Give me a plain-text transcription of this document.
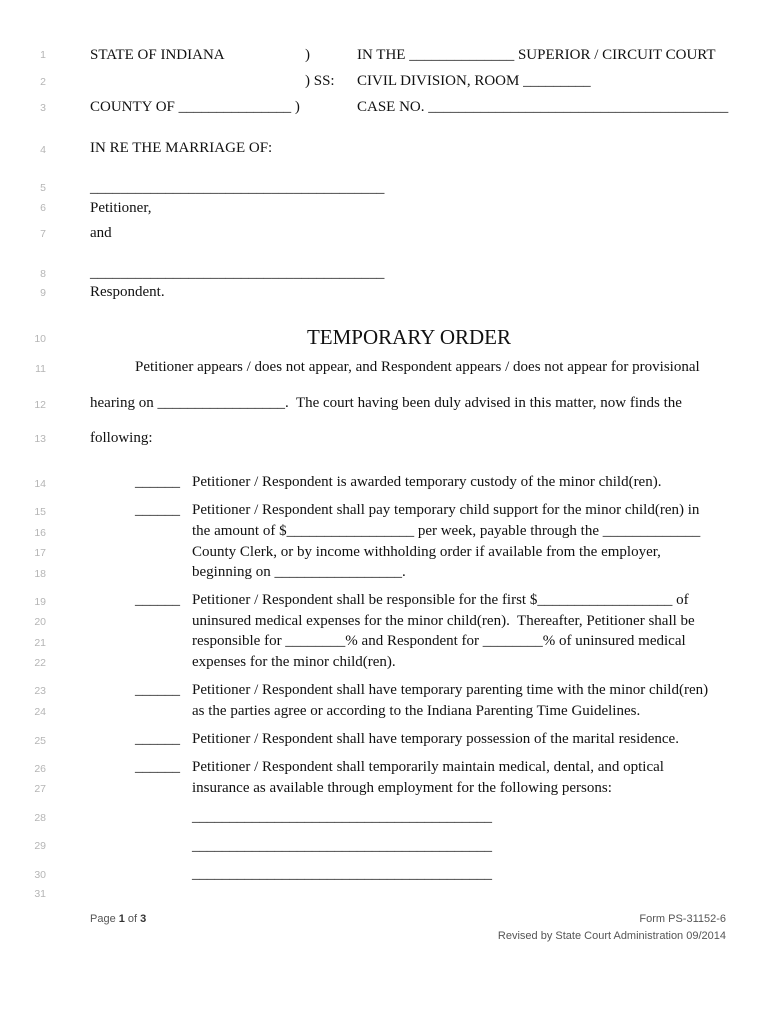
1
2
3
4
5
6
7
8
9
10
11
12
13
14
15
16
17
18
19
20
21
22
23
24
25
26
27
28
29
30
31
STATE OF INDIANA	)
) SS:
COUNTY OF _______________ )
IN THE ______________ SUPERIOR / CIRCUIT COURT
CIVIL DIVISION, ROOM _________
CASE NO. ________________________________________
IN RE THE MARRIAGE OF:
_______________________________________
Petitioner,
and
_______________________________________
Respondent.
TEMPORARY ORDER
Petitioner appears / does not appear, and Respondent appears / does not appear for provisional
hearing on _________________.  The court having been duly advised in this matter, now finds the
following:
______ Petitioner / Respondent is awarded temporary custody of the minor child(ren).
______ Petitioner / Respondent shall pay temporary child support for the minor child(ren) in
the amount of $_________________ per week, payable through the _____________
County Clerk, or by income withholding order if available from the employer,
beginning on _________________.
______ Petitioner / Respondent shall be responsible for the first $__________________ of
uninsured medical expenses for the minor child(ren).  Thereafter, Petitioner shall be
responsible for ________% and Respondent for ________% of uninsured medical
expenses for the minor child(ren).
______ Petitioner / Respondent shall have temporary parenting time with the minor child(ren)
as the parties agree or according to the Indiana Parenting Time Guidelines.
______ Petitioner / Respondent shall have temporary possession of the marital residence.
______ Petitioner / Respondent shall temporarily maintain medical, dental, and optical
insurance as available through employment for the following persons:
________________________________________
________________________________________
________________________________________
Page 1 of 3	Form PS-31152-6
Revised by State Court Administration 09/2014
